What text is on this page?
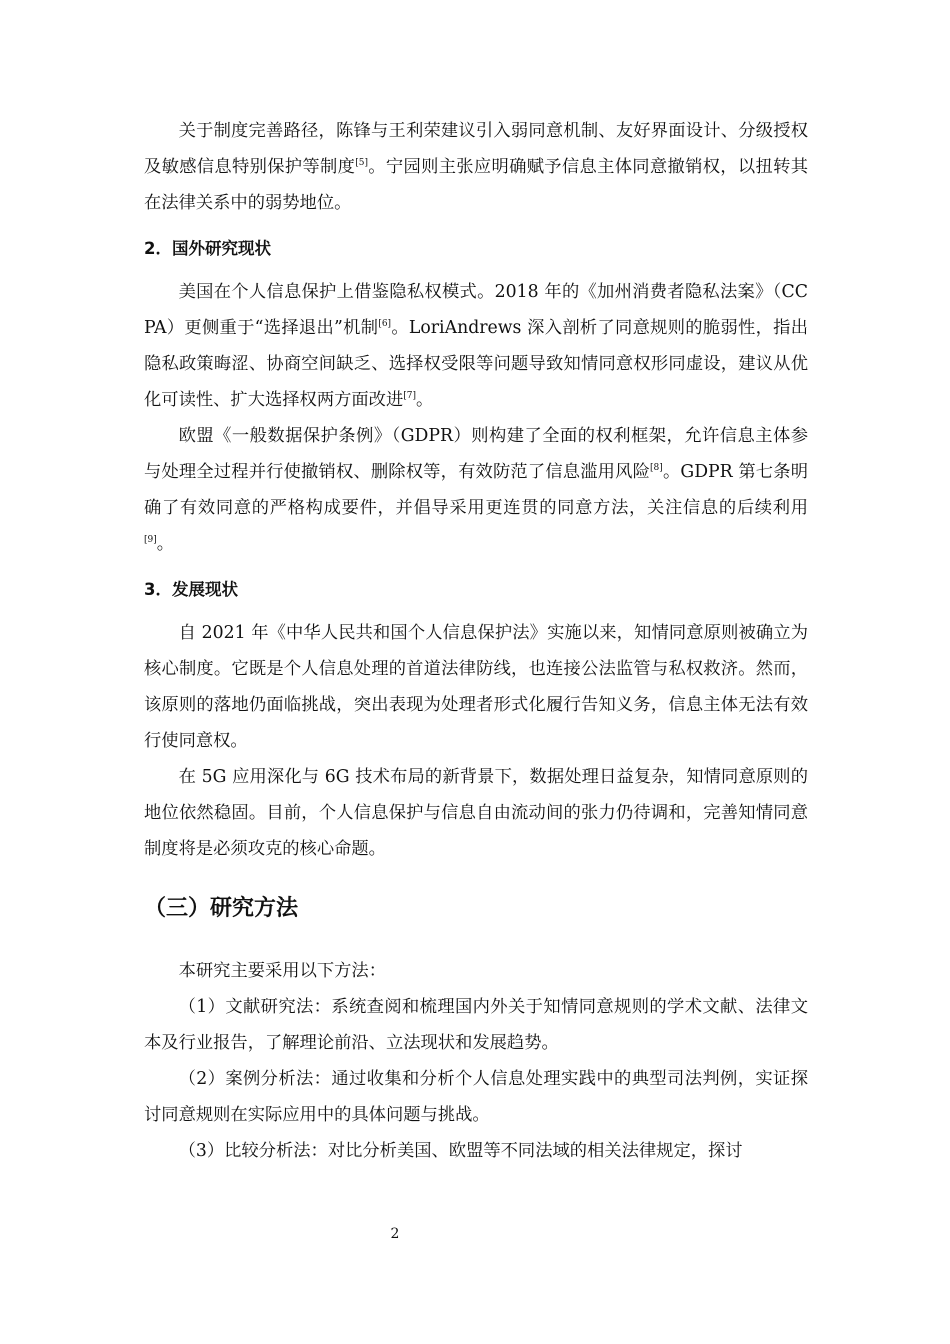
关于制度完善路径，陈锋与王利荣建议引入弱同意机制、友好界面设计、分级授权及敏感信息特别保护等制度[5]。宁园则主张应明确赋予信息主体同意撤销权，以扭转其在法律关系中的弱势地位。

2．国外研究现状

美国在个人信息保护上借鉴隐私权模式。2018 年的《加州消费者隐私法案》（CCPA）更侧重于“选择退出”机制[6]。LoriAndrews 深入剖析了同意规则的脆弱性，指出隐私政策晦涩、协商空间缺乏、选择权受限等问题导致知情同意权形同虚设，建议从优化可读性、扩大选择权两方面改进[7]。

欧盟《一般数据保护条例》（GDPR）则构建了全面的权利框架，允许信息主体参与处理全过程并行使撤销权、删除权等，有效防范了信息滥用风险[8]。GDPR 第七条明确了有效同意的严格构成要件，并倡导采用更连贯的同意方法，关注信息的后续利用[9]。

3．发展现状

自 2021 年《中华人民共和国个人信息保护法》实施以来，知情同意原则被确立为核心制度。它既是个人信息处理的首道法律防线，也连接公法监管与私权救济。然而，该原则的落地仍面临挑战，突出表现为处理者形式化履行告知义务，信息主体无法有效行使同意权。

在 5G 应用深化与 6G 技术布局的新背景下，数据处理日益复杂，知情同意原则的地位依然稳固。目前，个人信息保护与信息自由流动间的张力仍待调和，完善知情同意制度将是必须攻克的核心命题。

（三）研究方法

本研究主要采用以下方法：

（1）文献研究法：系统查阅和梳理国内外关于知情同意规则的学术文献、法律文本及行业报告，了解理论前沿、立法现状和发展趋势。

（2）案例分析法：通过收集和分析个人信息处理实践中的典型司法判例，实证探讨同意规则在实际应用中的具体问题与挑战。

（3）比较分析法：对比分析美国、欧盟等不同法域的相关法律规定，探讨

2
